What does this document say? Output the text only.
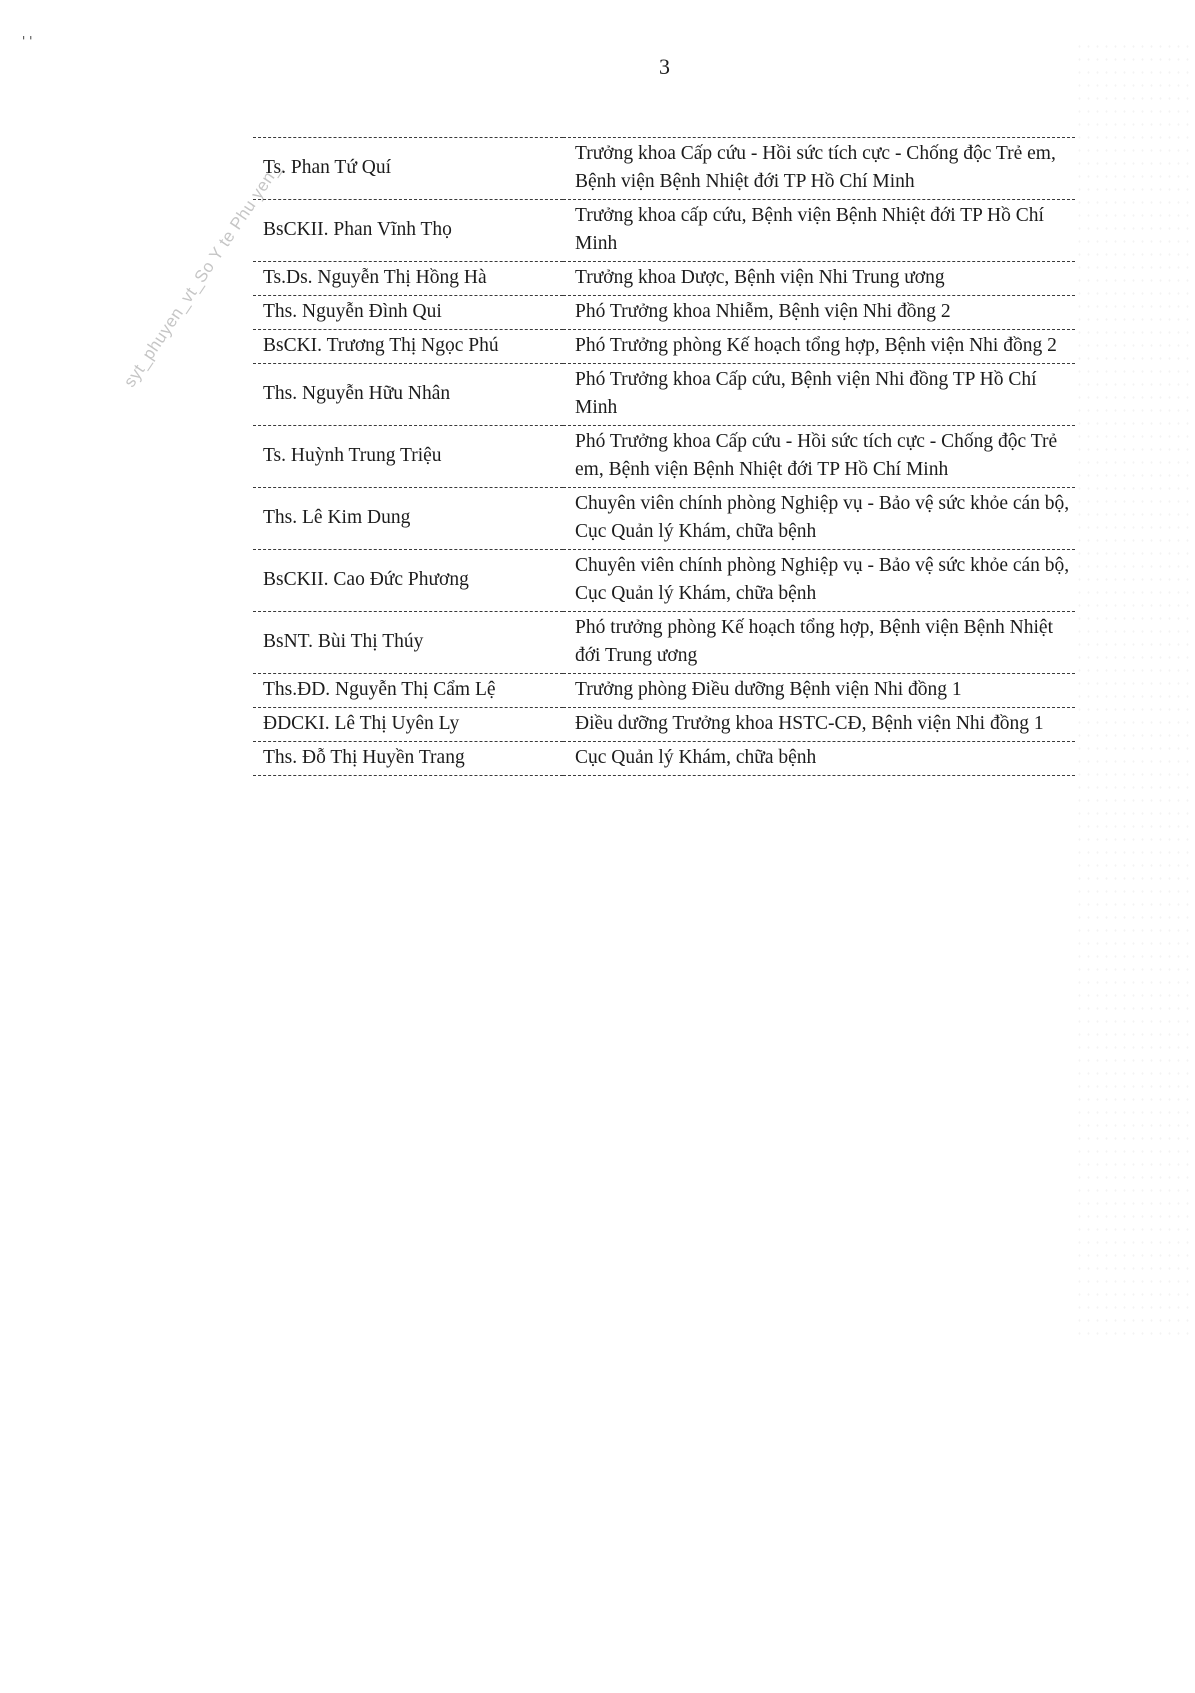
' '
3
syt_phuyen_vt_So Y te Phu yen_
Ts. Phan Tứ Quí	Trưởng khoa Cấp cứu - Hồi sức tích cực - Chống độc Trẻ em, Bệnh viện Bệnh Nhiệt đới TP Hồ Chí Minh
BsCKII. Phan Vĩnh Thọ	Trưởng khoa cấp cứu, Bệnh viện Bệnh Nhiệt đới TP Hồ Chí Minh
Ts.Ds. Nguyễn Thị Hồng Hà	Trưởng khoa Dược, Bệnh viện Nhi Trung ương
Ths. Nguyễn Đình Qui	Phó Trưởng khoa Nhiễm, Bệnh viện Nhi đồng 2
BsCKI. Trương Thị Ngọc Phú	Phó Trưởng phòng Kế hoạch tổng hợp, Bệnh viện Nhi đồng 2
Ths. Nguyễn Hữu Nhân	Phó Trưởng khoa Cấp cứu, Bệnh viện Nhi đồng TP Hồ Chí Minh
Ts. Huỳnh Trung Triệu	Phó Trưởng khoa Cấp cứu - Hồi sức tích cực - Chống độc Trẻ em, Bệnh viện Bệnh Nhiệt đới TP Hồ Chí Minh
Ths. Lê Kim Dung	Chuyên viên chính phòng Nghiệp vụ - Bảo vệ sức khỏe cán bộ, Cục Quản lý Khám, chữa bệnh
BsCKII. Cao Đức Phương	Chuyên viên chính phòng Nghiệp vụ - Bảo vệ sức khỏe cán bộ, Cục Quản lý Khám, chữa bệnh
BsNT. Bùi Thị Thúy	Phó trưởng phòng Kế hoạch tổng hợp, Bệnh viện Bệnh Nhiệt đới Trung ương
Ths.ĐD. Nguyễn Thị Cẩm Lệ	Trưởng phòng Điều dưỡng Bệnh viện Nhi đồng 1
ĐDCKI. Lê Thị Uyên Ly	Điều dưỡng Trưởng khoa HSTC-CĐ, Bệnh viện Nhi đồng 1
Ths. Đỗ Thị Huyền Trang	Cục Quản lý Khám, chữa bệnh
